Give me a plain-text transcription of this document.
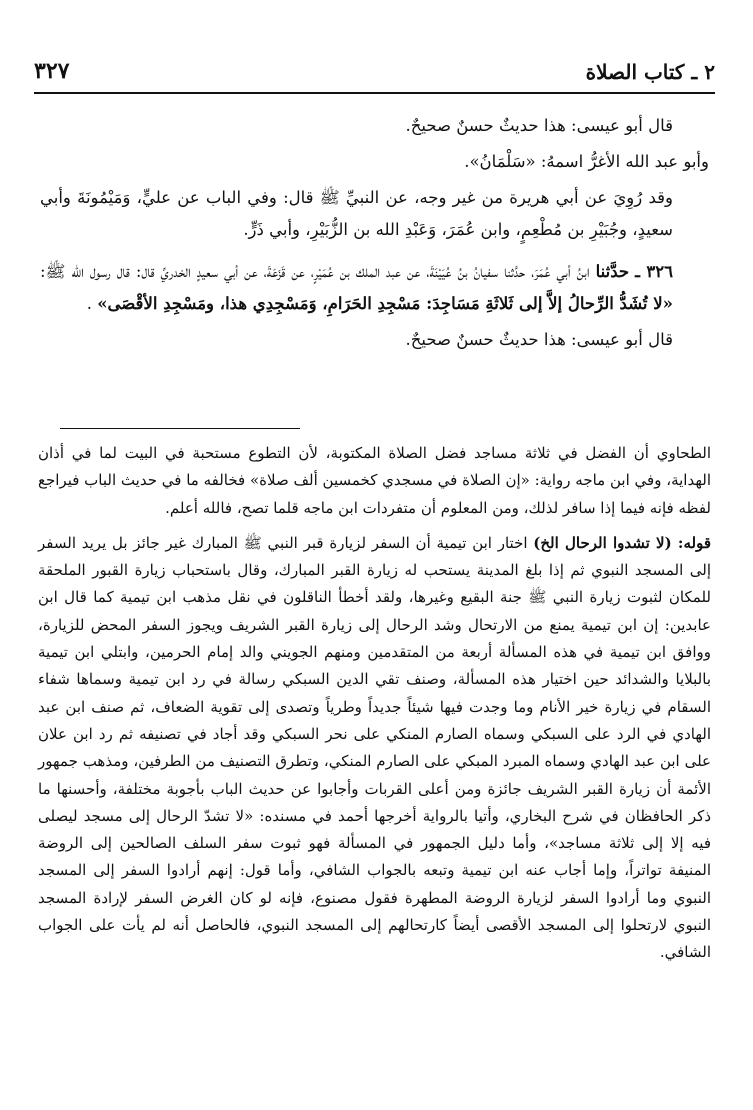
٢ ـ كتاب الصلاة
٣٢٧

قال أبو عيسى: هذا حديثٌ حسنٌ صحيحٌ.

وأبو عبد الله الأغرُّ اسمهُ: «سَلْمَانُ».

وقد رُوِيَ عن أبي هريرة من غير وجه، عن النبيِّ ﷺ قال: وفي الباب عن عليٍّ، وَمَيْمُونَةَ وأبي سعيدٍ، وجُبَيْرِ بن مُطْعِمٍ، وابن عُمَرَ، وَعَبْدِ الله بن الزُّبَيْرِ، وأبي ذَرٍّ.

٣٢٦ ـ حدَّثنا ابنُ أبي عُمَرَ، حدَّثنا سفيانُ بنُ عُيَيْنَةَ، عن عبد الملك بن عُمَيْرٍ، عن قَزَعَةَ، عن أبي سعيدٍ الخدريِّ قال: قال رسول الله ﷺ: «لا تُشَدُّ الرِّحالُ إلاَّ إلى ثَلاثَةِ مَسَاجِدَ: مَسْجِدِ الحَرَامِ، وَمَسْجِدِي هذا، ومَسْجِدِ الأقْصَى» .

قال أبو عيسى: هذا حديثٌ حسنٌ صحيحٌ.

الطحاوي أن الفضل في ثلاثة مساجد فضل الصلاة المكتوبة، لأن التطوع مستحبة في البيت لما في أذان الهداية، وفي ابن ماجه رواية: «إن الصلاة في مسجدي كخمسين ألف صلاة» فخالفه ما في حديث الباب فيراجع لفظه فإنه فيما إذا سافر لذلك، ومن المعلوم أن متفردات ابن ماجه قلما تصح، فالله أعلم.

قوله: (لا تشدوا الرحال الخ) اختار ابن تيمية أن السفر لزيارة قبر النبي ﷺ المبارك غير جائز بل يريد السفر إلى المسجد النبوي ثم إذا بلغ المدينة يستحب له زيارة القبر المبارك، وقال باستحباب زيارة القبور الملحقة للمكان لثبوت زيارة النبي ﷺ جنة البقيع وغيرها، ولقد أخطأ الناقلون في نقل مذهب ابن تيمية كما قال ابن عابدين: إن ابن تيمية يمنع من الارتحال وشد الرحال إلى زيارة القبر الشريف ويجوز السفر المحض للزيارة، ووافق ابن تيمية في هذه المسألة أربعة من المتقدمين ومنهم الجويني والد إمام الحرمين، وابتلي ابن تيمية بالبلايا والشدائد حين اختيار هذه المسألة، وصنف تقي الدين السبكي رسالة في رد ابن تيمية وسماها شفاء السقام في زيارة خير الأنام وما وجدت فيها شيئاً جديداً وطرياً وتصدى إلى تقوية الضعاف، ثم صنف ابن عبد الهادي في الرد على السبكي وسماه الصارم المنكي على نحر السبكي وقد أجاد في تصنيفه ثم رد ابن علان على ابن عبد الهادي وسماه المبرد المبكي على الصارم المنكي، وتطرق التصنيف من الطرفين، ومذهب جمهور الأئمة أن زيارة القبر الشريف جائزة ومن أعلى القربات وأجابوا عن حديث الباب بأجوبة مختلفة، وأحسنها ما ذكر الحافظان في شرح البخاري، وأتيا بالرواية أخرجها أحمد في مسنده: «لا تشدّ الرحال إلى مسجد ليصلى فيه إلا إلى ثلاثة مساجد»، وأما دليل الجمهور في المسألة فهو ثبوت سفر السلف الصالحين إلى الروضة المنيفة تواتراً، وإما أجاب عنه ابن تيمية وتبعه بالجواب الشافي، وأما قول: إنهم أرادوا السفر إلى المسجد النبوي وما أرادوا السفر لزيارة الروضة المطهرة فقول مصنوع، فإنه لو كان الغرض السفر لإرادة المسجد النبوي لارتحلوا إلى المسجد الأقصى أيضاً كارتحالهم إلى المسجد النبوي، فالحاصل أنه لم يأت على الجواب الشافي.
